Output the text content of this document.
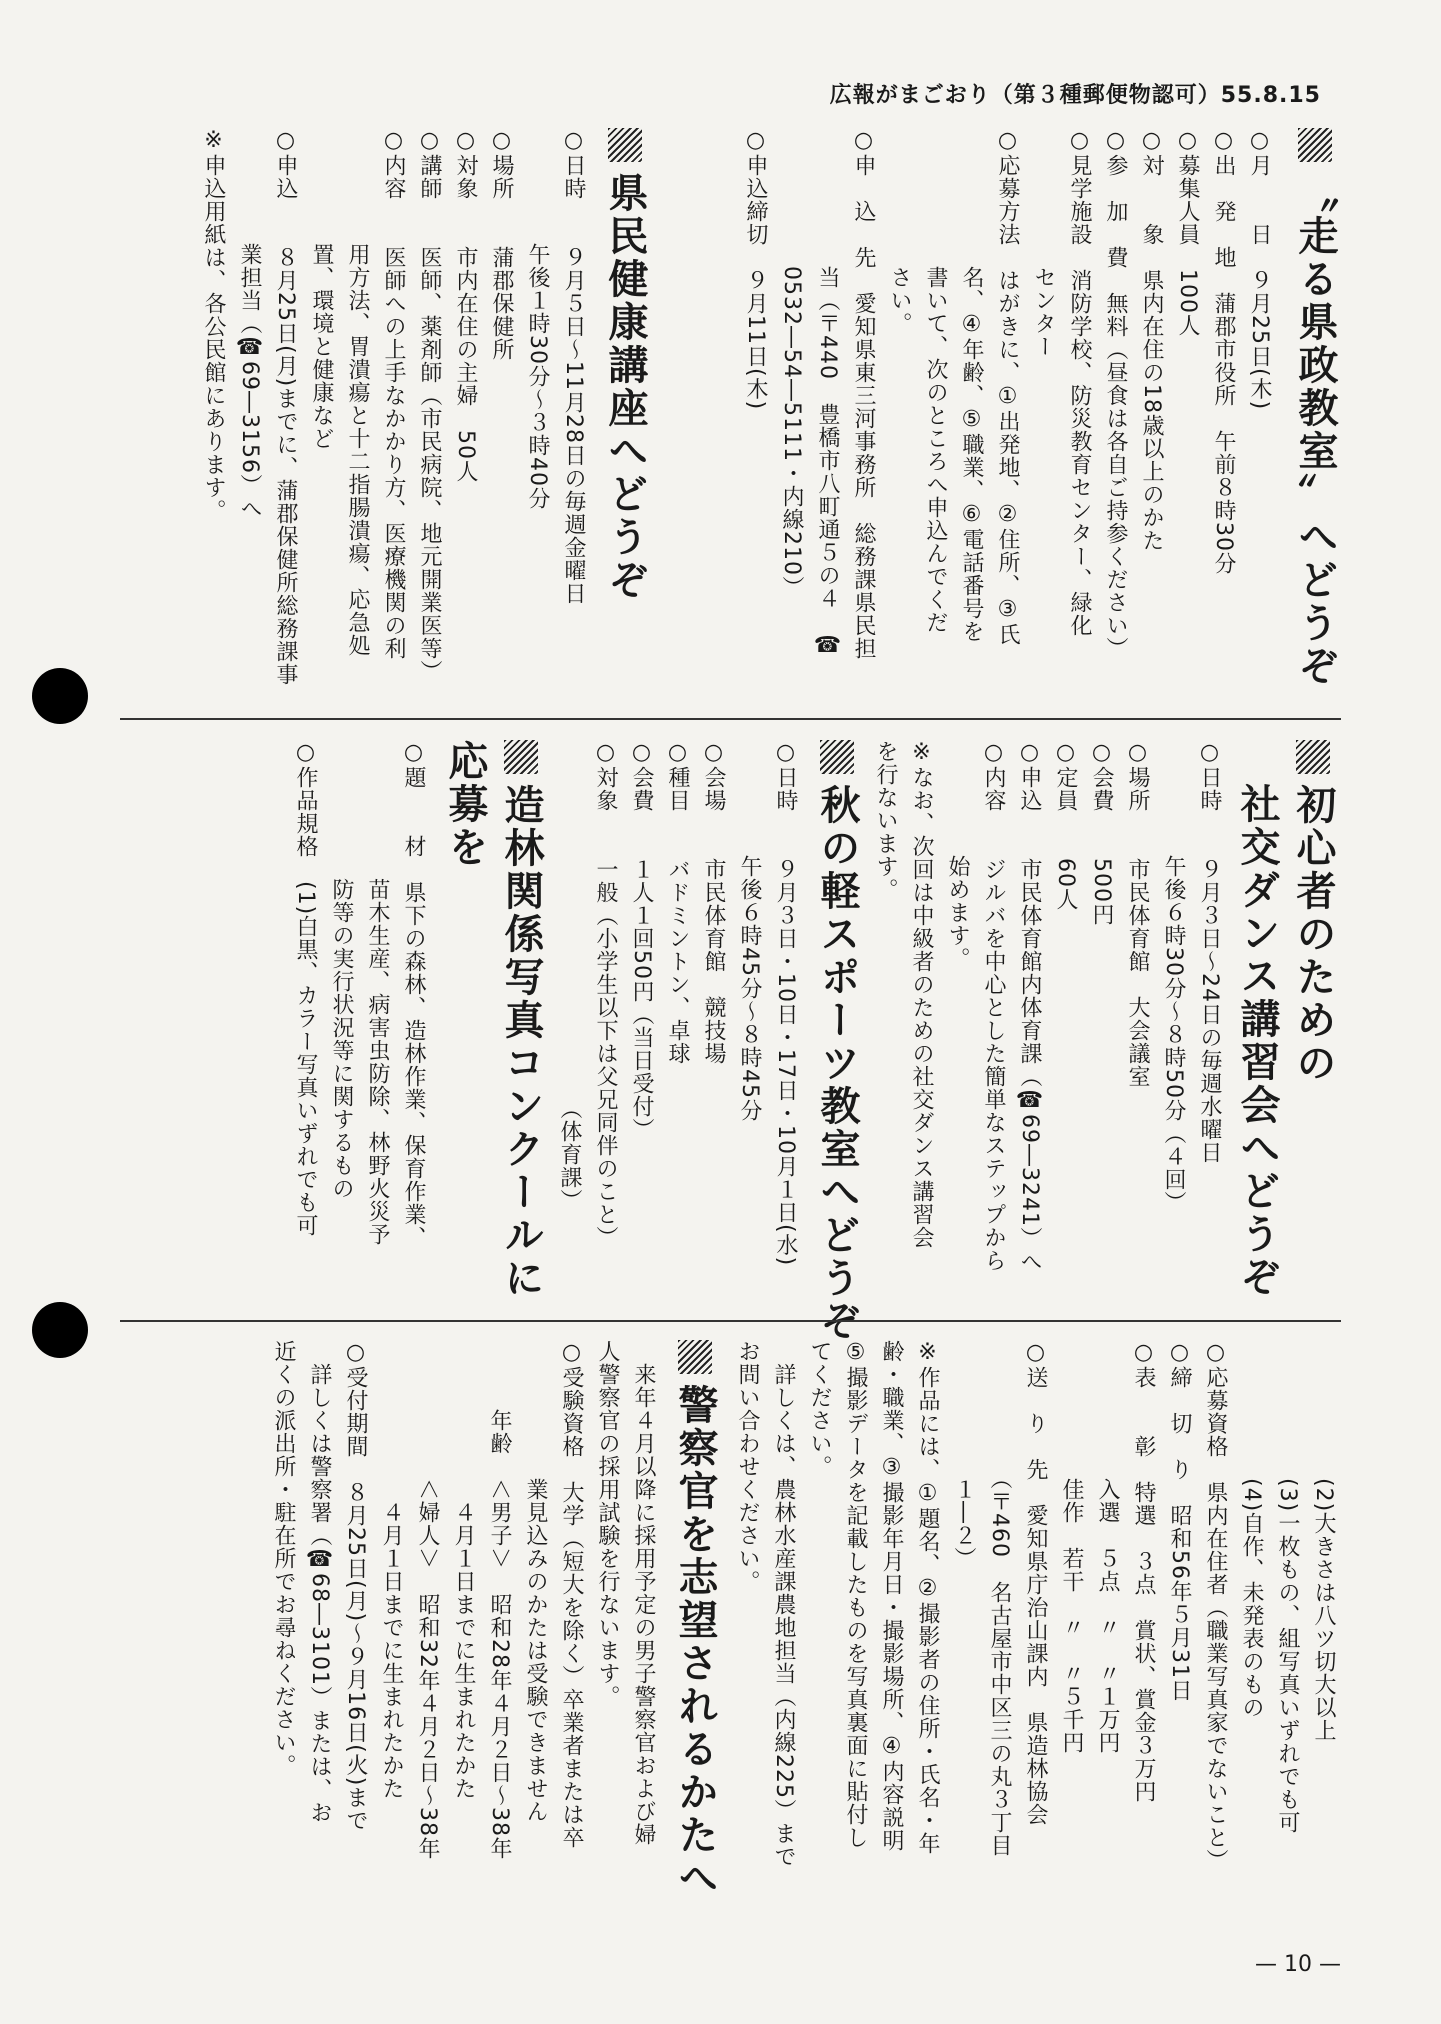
広報がまごおり（第３種郵便物認可）55.8.15
〝走る県政教室〟へどうぞ
○月　　日　９月25日(木)
○出　発　地　蒲郡市役所　午前８時30分
○募集人員　100人
○対　　象　県内在住の18歳以上のかた
○参　加　費　無料（昼食は各自ご持参ください）
○見学施設　消防学校、防災教育センター、緑化
　　　　　　センター
○応募方法　はがきに、①出発地、②住所、③氏
　　　　　　名、④年齢、⑤職業、⑥電話番号を
　　　　　　書いて、次のところへ申込んでくだ
　　　　　　さい。
○申　込　先　愛知県東三河事務所　総務課県民担
　　　　　　当（〒440　豊橋市八町通５の４　☎
　　　　　　0532―54―5111・内線210）
○申込締切　９月11日(木)
県民健康講座へどうぞ
○日時　　９月５日～11月28日の毎週金曜日
　　　　　午後１時30分～３時40分
○場所　　蒲郡保健所
○対象　　市内在住の主婦　50人
○講師　　医師、薬剤師（市民病院、地元開業医等）
○内容　　医師への上手なかかり方、医療機関の利
　　　　　用方法、胃潰瘍と十二指腸潰瘍、応急処
　　　　　置、環境と健康など
○申込　　８月25日(月)までに、蒲郡保健所総務課事
　　　　　業担当（☎69―3156）へ
※申込用紙は、各公民館にあります。
初心者のための
　社交ダンス講習会へどうぞ
○日時　　９月３日～24日の毎週水曜日
　　　　　午後６時30分～８時50分（４回）
○場所　　市民体育館　大会議室
○会費　　500円
○定員　　60人
○申込　　市民体育館内体育課（☎69―3241）へ
○内容　　ジルバを中心とした簡単なステップから
　　　　　始めます。
※なお、次回は中級者のための社交ダンス講習会
を行ないます。
秋の軽スポーツ教室へどうぞ
○日時　　９月３日・10日・17日・10月１日(水)
　　　　　午後６時45分～８時45分
○会場　　市民体育館　競技場
○種目　　バドミントン、卓球
○会費　　１人１回50円（当日受付）
○対象　　一般（小学生以下は父兄同伴のこと）
　　　　　　　　　　　　　　　　（体育課）
造林関係写真コンクールに
応募を
○題　　材　県下の森林、造林作業、保育作業、
　　　　　　苗木生産、病害虫防除、林野火災予
　　　　　　防等の実行状況等に関するもの
○作品規格　(1)白黒、カラー写真いずれでも可
　　　　　　(2)大きさは八ツ切大以上
　　　　　　(3)一枚もの、組写真いずれでも可
　　　　　　(4)自作、未発表のもの
○応募資格　県内在住者（職業写真家でないこと）
○締　切　り　昭和56年５月31日
○表　　彰　特選　３点　賞状、賞金３万円
　　　　　　入選　５点　〃　〃１万円
　　　　　　佳作　若干　〃　〃５千円
○送　り　先　愛知県庁治山課内　県造林協会
　　　　　　（〒460　名古屋市中区三の丸３丁目
　　　　　　１―２）
※作品には、①題名、②撮影者の住所・氏名・年
齢・職業、③撮影年月日・撮影場所、④内容説明
⑤撮影データを記載したものを写真裏面に貼付し
てください。
　詳しくは、農林水産課農地担当（内線225）まで
お問い合わせください。
警察官を志望されるかたへ
　来年４月以降に採用予定の男子警察官および婦
人警察官の採用試験を行ないます。
○受験資格　大学（短大を除く）卒業者または卒
　　　　　　業見込みのかたは受験できません
　　　年齢　＜男子＞　昭和28年４月２日～38年
　　　　　　　４月１日までに生まれたかた
　　　　　　＜婦人＞　昭和32年４月２日～38年
　　　　　　　４月１日までに生まれたかた
○受付期間　８月25日(月)～９月16日(火)まで
　詳しくは警察署（☎68―3101）または、お
近くの派出所・駐在所でお尋ねください。
— 10 —
